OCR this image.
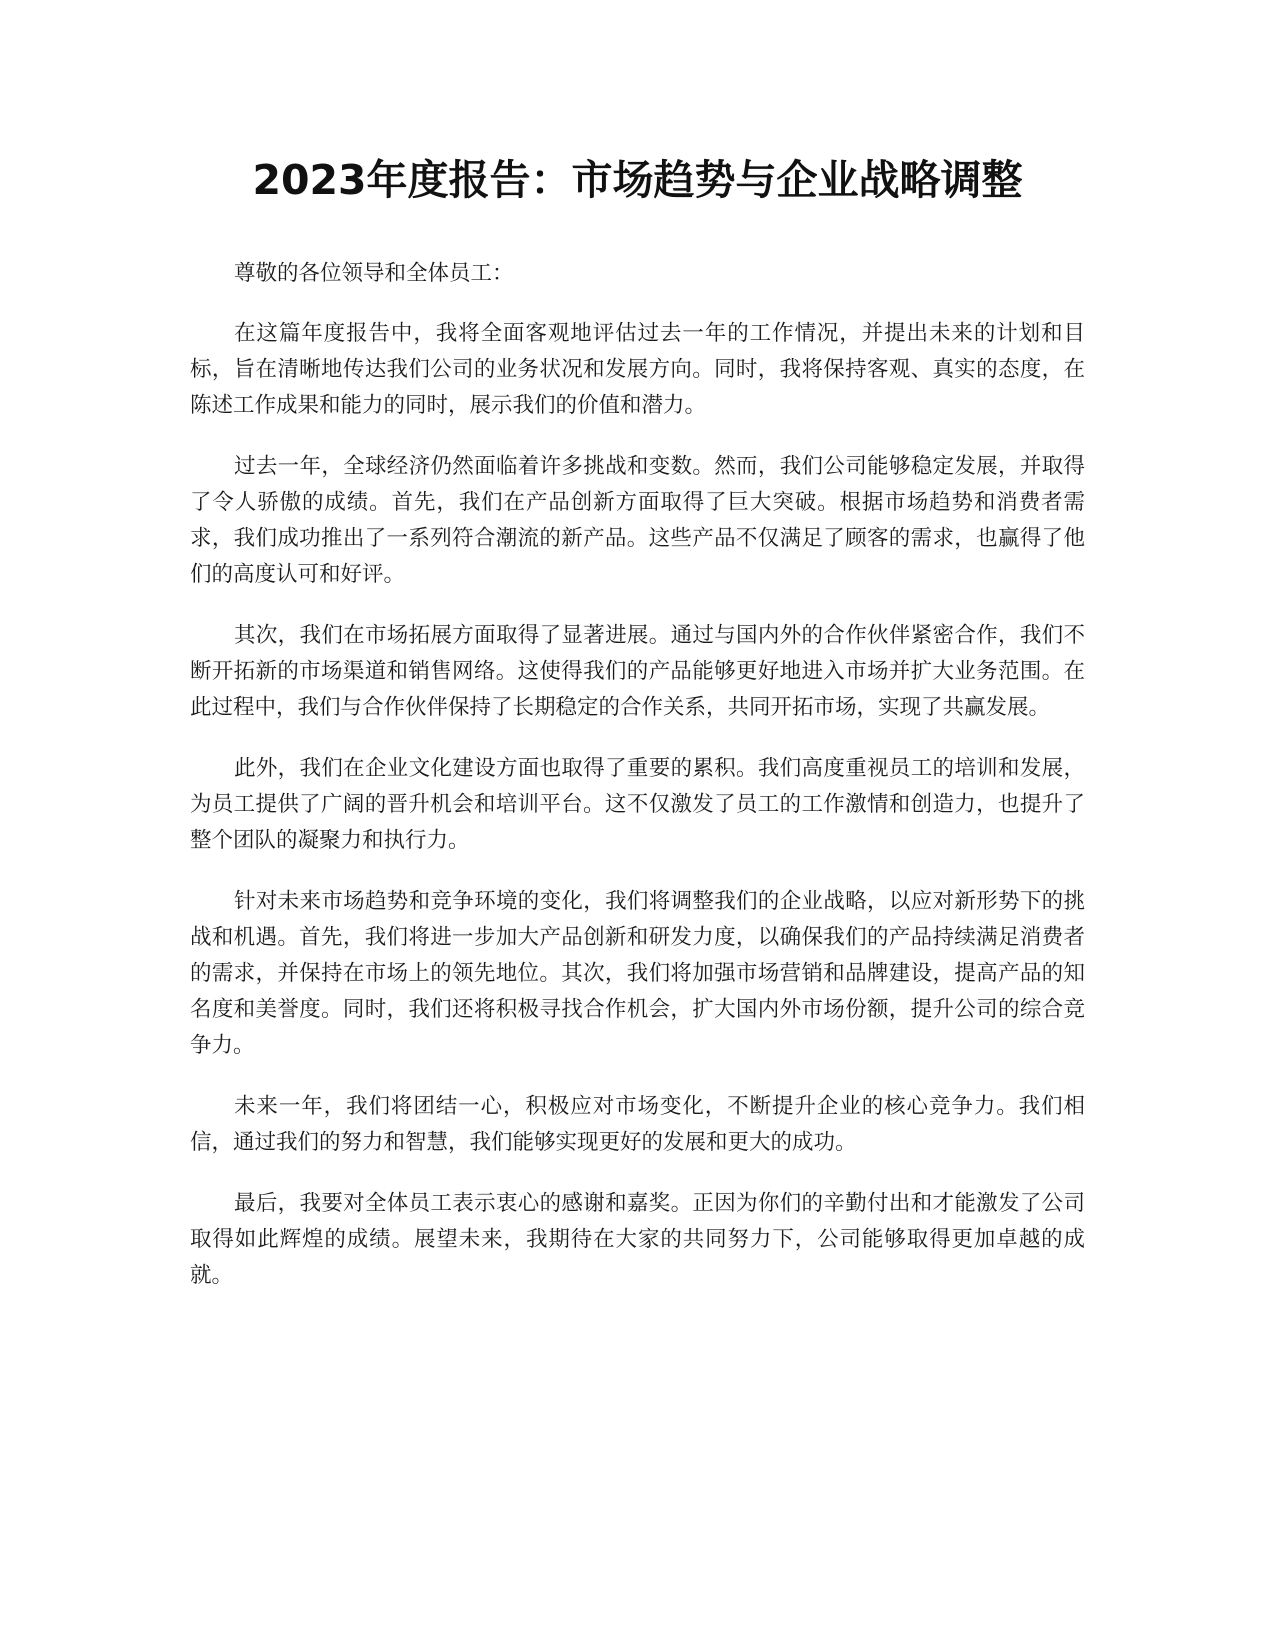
2023年度报告：市场趋势与企业战略调整

尊敬的各位领导和全体员工：

在这篇年度报告中，我将全面客观地评估过去一年的工作情况，并提出未来的计划和目标，旨在清晰地传达我们公司的业务状况和发展方向。同时，我将保持客观、真实的态度，在陈述工作成果和能力的同时，展示我们的价值和潜力。

过去一年，全球经济仍然面临着许多挑战和变数。然而，我们公司能够稳定发展，并取得了令人骄傲的成绩。首先，我们在产品创新方面取得了巨大突破。根据市场趋势和消费者需求，我们成功推出了一系列符合潮流的新产品。这些产品不仅满足了顾客的需求，也赢得了他们的高度认可和好评。

其次，我们在市场拓展方面取得了显著进展。通过与国内外的合作伙伴紧密合作，我们不断开拓新的市场渠道和销售网络。这使得我们的产品能够更好地进入市场并扩大业务范围。在此过程中，我们与合作伙伴保持了长期稳定的合作关系，共同开拓市场，实现了共赢发展。

此外，我们在企业文化建设方面也取得了重要的累积。我们高度重视员工的培训和发展，为员工提供了广阔的晋升机会和培训平台。这不仅激发了员工的工作激情和创造力，也提升了整个团队的凝聚力和执行力。

针对未来市场趋势和竞争环境的变化，我们将调整我们的企业战略，以应对新形势下的挑战和机遇。首先，我们将进一步加大产品创新和研发力度，以确保我们的产品持续满足消费者的需求，并保持在市场上的领先地位。其次，我们将加强市场营销和品牌建设，提高产品的知名度和美誉度。同时，我们还将积极寻找合作机会，扩大国内外市场份额，提升公司的综合竞争力。

未来一年，我们将团结一心，积极应对市场变化，不断提升企业的核心竞争力。我们相信，通过我们的努力和智慧，我们能够实现更好的发展和更大的成功。

最后，我要对全体员工表示衷心的感谢和嘉奖。正因为你们的辛勤付出和才能激发了公司取得如此辉煌的成绩。展望未来，我期待在大家的共同努力下，公司能够取得更加卓越的成就。
